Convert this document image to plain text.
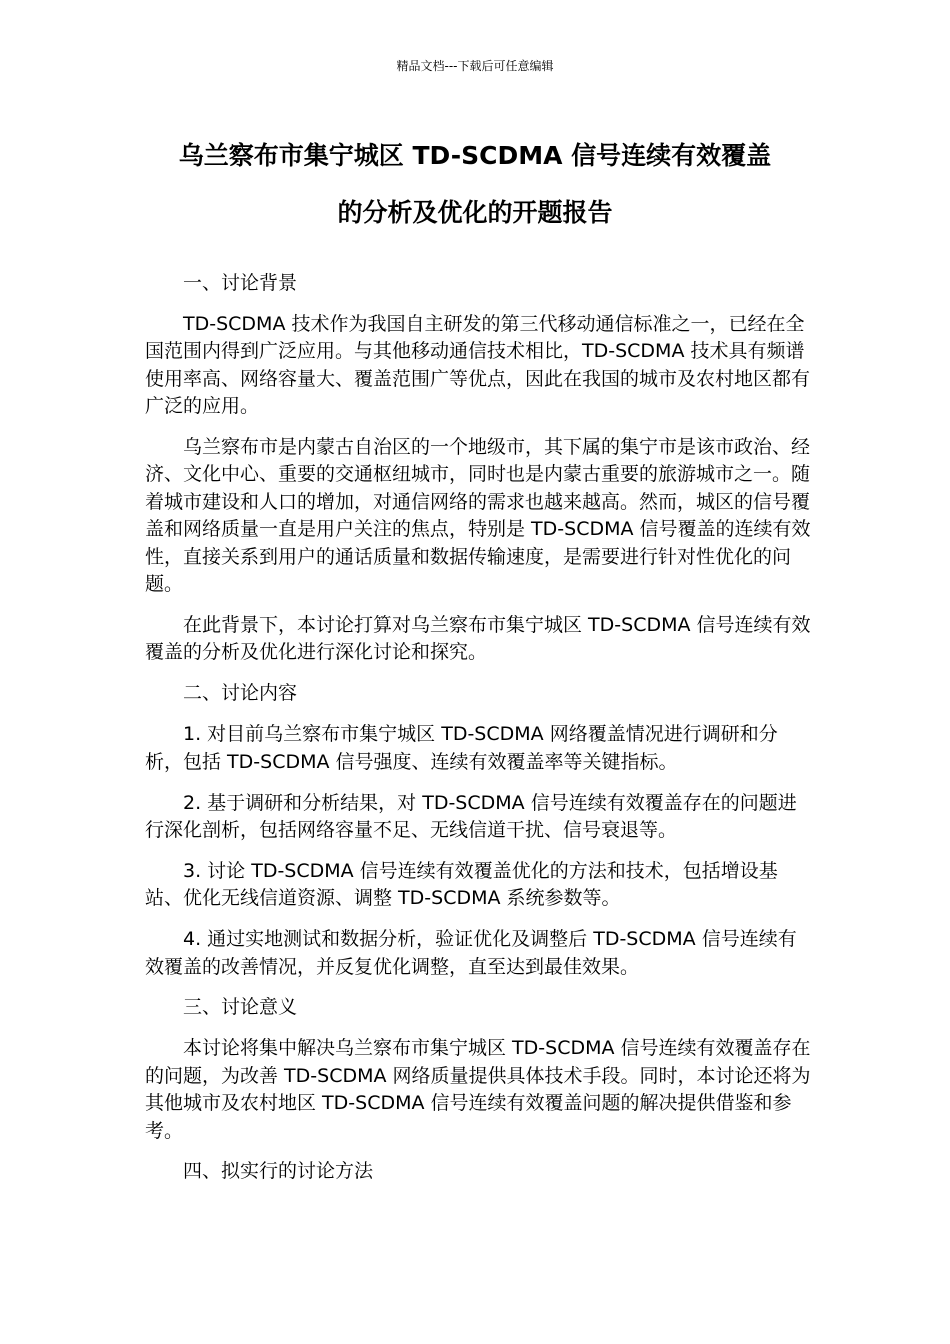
精品文档---下载后可任意编辑
乌兰察布市集宁城区 TD-SCDMA 信号连续有效覆盖
的分析及优化的开题报告

一、讨论背景

TD-SCDMA 技术作为我国自主研发的第三代移动通信标准之一，已经在全国范围内得到广泛应用。与其他移动通信技术相比，TD-SCDMA 技术具有频谱使用率高、网络容量大、覆盖范围广等优点，因此在我国的城市及农村地区都有广泛的应用。

乌兰察布市是内蒙古自治区的一个地级市，其下属的集宁市是该市政治、经济、文化中心、重要的交通枢纽城市，同时也是内蒙古重要的旅游城市之一。随着城市建设和人口的增加，对通信网络的需求也越来越高。然而，城区的信号覆盖和网络质量一直是用户关注的焦点，特别是 TD-SCDMA 信号覆盖的连续有效性，直接关系到用户的通话质量和数据传输速度，是需要进行针对性优化的问题。

在此背景下，本讨论打算对乌兰察布市集宁城区 TD-SCDMA 信号连续有效覆盖的分析及优化进行深化讨论和探究。

二、讨论内容

1. 对目前乌兰察布市集宁城区 TD-SCDMA 网络覆盖情况进行调研和分析，包括 TD-SCDMA 信号强度、连续有效覆盖率等关键指标。

2. 基于调研和分析结果，对 TD-SCDMA 信号连续有效覆盖存在的问题进行深化剖析，包括网络容量不足、无线信道干扰、信号衰退等。

3. 讨论 TD-SCDMA 信号连续有效覆盖优化的方法和技术，包括增设基站、优化无线信道资源、调整 TD-SCDMA 系统参数等。

4. 通过实地测试和数据分析，验证优化及调整后 TD-SCDMA 信号连续有效覆盖的改善情况，并反复优化调整，直至达到最佳效果。

三、讨论意义

本讨论将集中解决乌兰察布市集宁城区 TD-SCDMA 信号连续有效覆盖存在的问题，为改善 TD-SCDMA 网络质量提供具体技术手段。同时，本讨论还将为其他城市及农村地区 TD-SCDMA 信号连续有效覆盖问题的解决提供借鉴和参考。

四、拟实行的讨论方法
